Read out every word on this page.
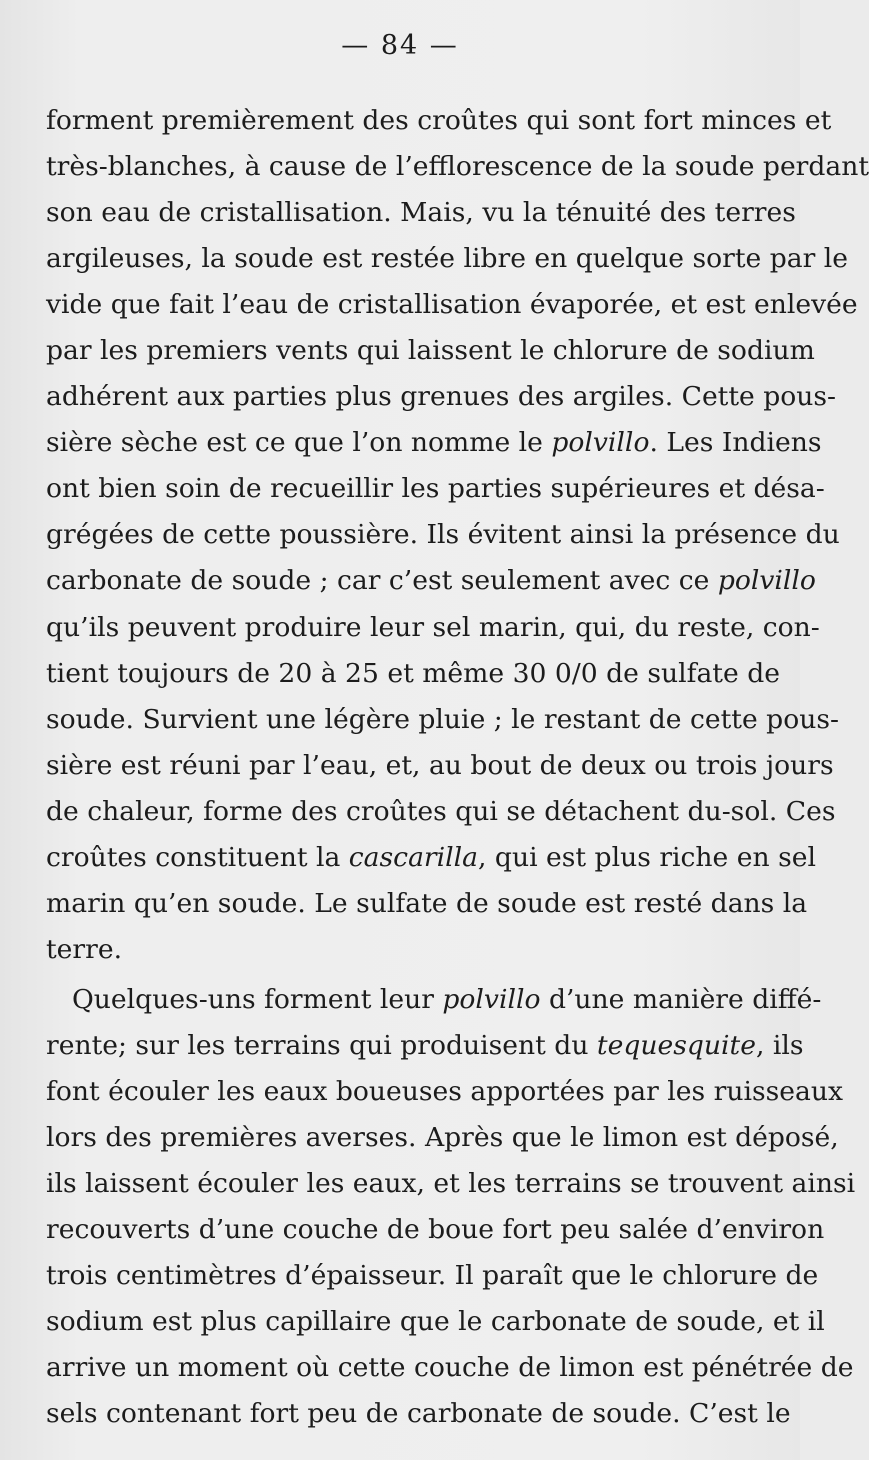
— 84 —
forment premièrement des croûtes qui sont fort minces et
très-blanches, à cause de l’efflorescence de la soude perdant
son eau de cristallisation. Mais, vu la ténuité des terres
argileuses, la soude est restée libre en quelque sorte par le
vide que fait l’eau de cristallisation évaporée, et est enlevée
par les premiers vents qui laissent le chlorure de sodium
adhérent aux parties plus grenues des argiles. Cette pous-
sière sèche est ce que l’on nomme le polvillo. Les Indiens
ont bien soin de recueillir les parties supérieures et désa-
grégées de cette poussière. Ils évitent ainsi la présence du
carbonate de soude ; car c’est seulement avec ce polvillo
qu’ils peuvent produire leur sel marin, qui, du reste, con-
tient toujours de 20 à 25 et même 30 0/0 de sulfate de
soude. Survient une légère pluie ; le restant de cette pous-
sière est réuni par l’eau, et, au bout de deux ou trois jours
de chaleur, forme des croûtes qui se détachent du-sol. Ces
croûtes constituent la cascarilla, qui est plus riche en sel
marin qu’en soude. Le sulfate de soude est resté dans la
terre.
Quelques-uns forment leur polvillo d’une manière diffé-
rente; sur les terrains qui produisent du tequesquite, ils
font écouler les eaux boueuses apportées par les ruisseaux
lors des premières averses. Après que le limon est déposé,
ils laissent écouler les eaux, et les terrains se trouvent ainsi
recouverts d’une couche de boue fort peu salée d’environ
trois centimètres d’épaisseur. Il paraît que le chlorure de
sodium est plus capillaire que le carbonate de soude, et il
arrive un moment où cette couche de limon est pénétrée de
sels contenant fort peu de carbonate de soude. C’est le
